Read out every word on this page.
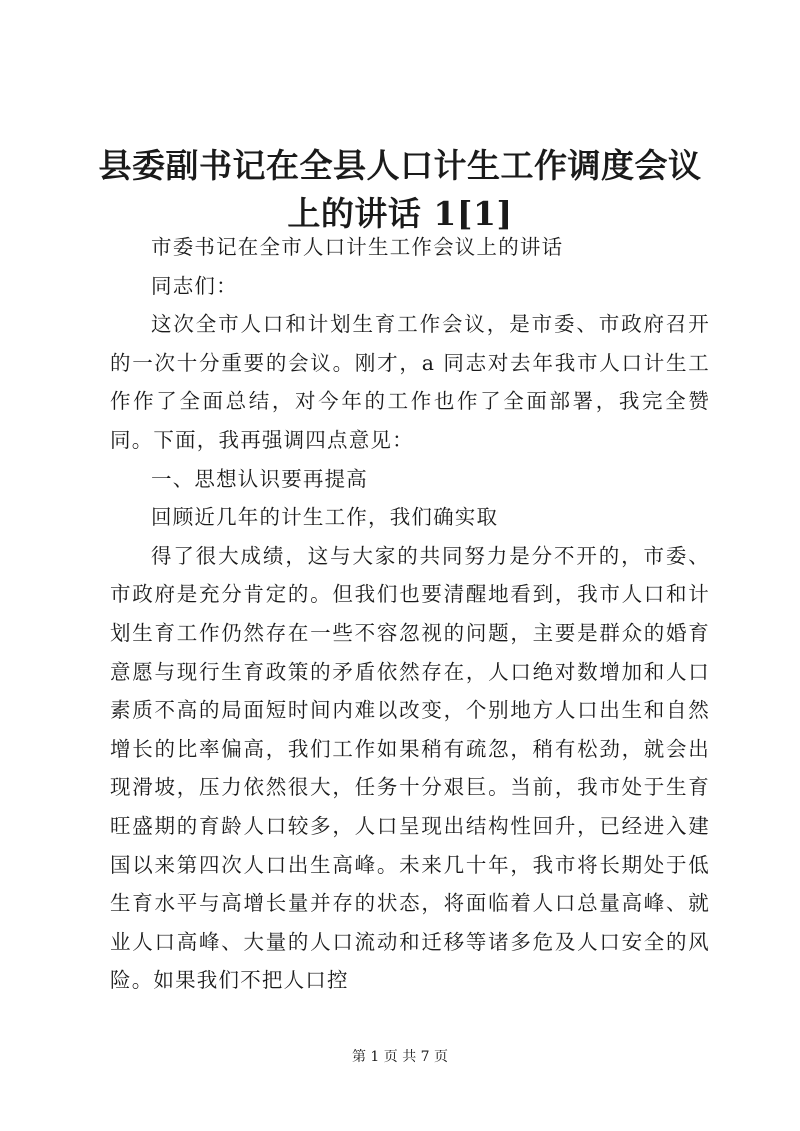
县委副书记在全县人口计生工作调度会议上的讲话 1[1]

市委书记在全市人口计生工作会议上的讲话

同志们：

这次全市人口和计划生育工作会议，是市委、市政府召开的一次十分重要的会议。刚才，a 同志对去年我市人口计生工作作了全面总结，对今年的工作也作了全面部署，我完全赞同。下面，我再强调四点意见：

一、思想认识要再提高

回顾近几年的计生工作，我们确实取

得了很大成绩，这与大家的共同努力是分不开的，市委、市政府是充分肯定的。但我们也要清醒地看到，我市人口和计划生育工作仍然存在一些不容忽视的问题，主要是群众的婚育意愿与现行生育政策的矛盾依然存在，人口绝对数增加和人口素质不高的局面短时间内难以改变，个别地方人口出生和自然增长的比率偏高，我们工作如果稍有疏忽，稍有松劲，就会出现滑坡，压力依然很大，任务十分艰巨。当前，我市处于生育旺盛期的育龄人口较多，人口呈现出结构性回升，已经进入建国以来第四次人口出生高峰。未来几十年，我市将长期处于低生育水平与高增长量并存的状态，将面临着人口总量高峰、就业人口高峰、大量的人口流动和迁移等诸多危及人口安全的风险。如果我们不把人口控

第 1 页 共 7 页
